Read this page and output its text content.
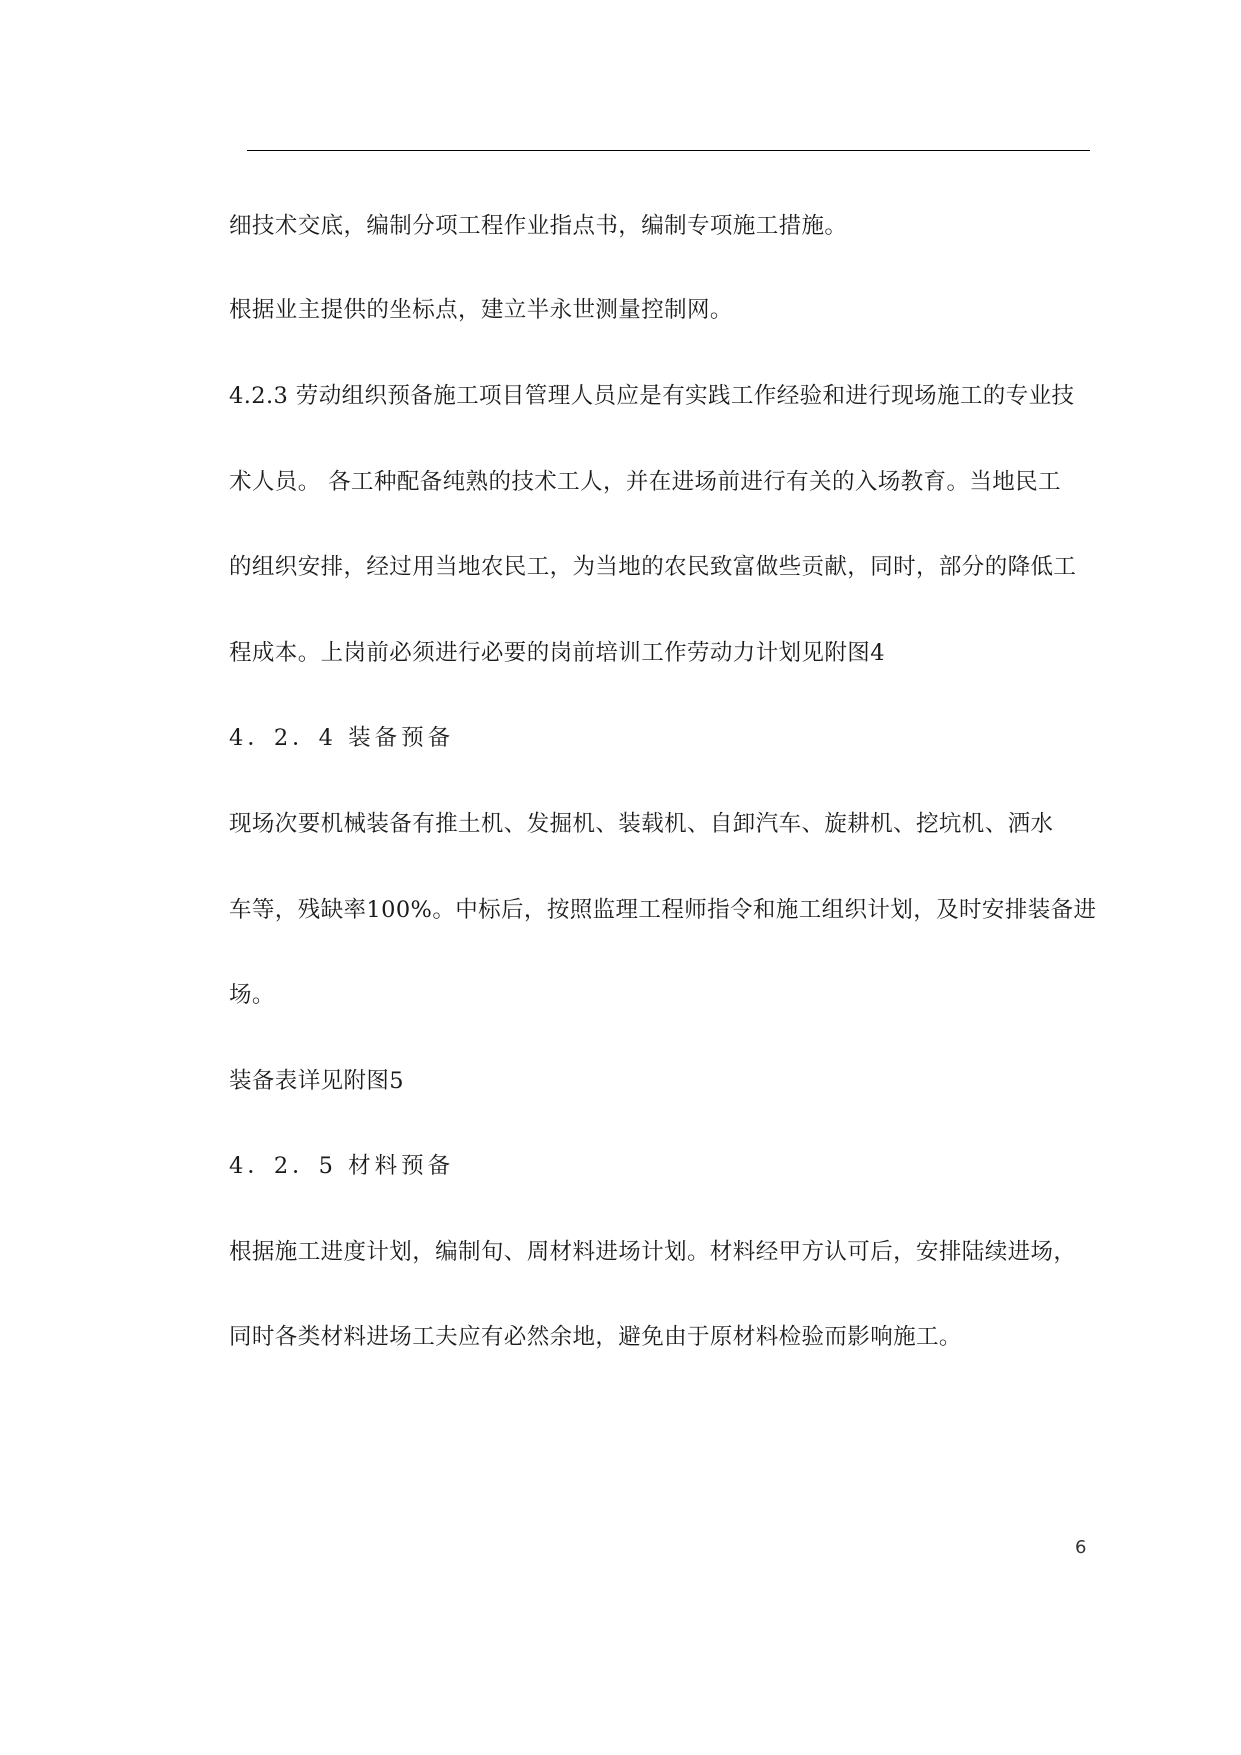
细技术交底，编制分项工程作业指点书，编制专项施工措施。
根据业主提供的坐标点，建立半永世测量控制网。
4.2.3 劳动组织预备施工项目管理人员应是有实践工作经验和进行现场施工的专业技
术人员。 各工种配备纯熟的技术工人，并在进场前进行有关的入场教育。当地民工
的组织安排，经过用当地农民工，为当地的农民致富做些贡献，同时，部分的降低工
程成本。上岗前必须进行必要的岗前培训工作劳动力计划见附图4
4．2．4 装备预备
现场次要机械装备有推土机、发掘机、装载机、自卸汽车、旋耕机、挖坑机、洒水
车等，残缺率100%。中标后，按照监理工程师指令和施工组织计划，及时安排装备进
场。
装备表详见附图5
4．2．5 材料预备
根据施工进度计划，编制旬、周材料进场计划。材料经甲方认可后，安排陆续进场，
同时各类材料进场工夫应有必然余地，避免由于原材料检验而影响施工。
6
